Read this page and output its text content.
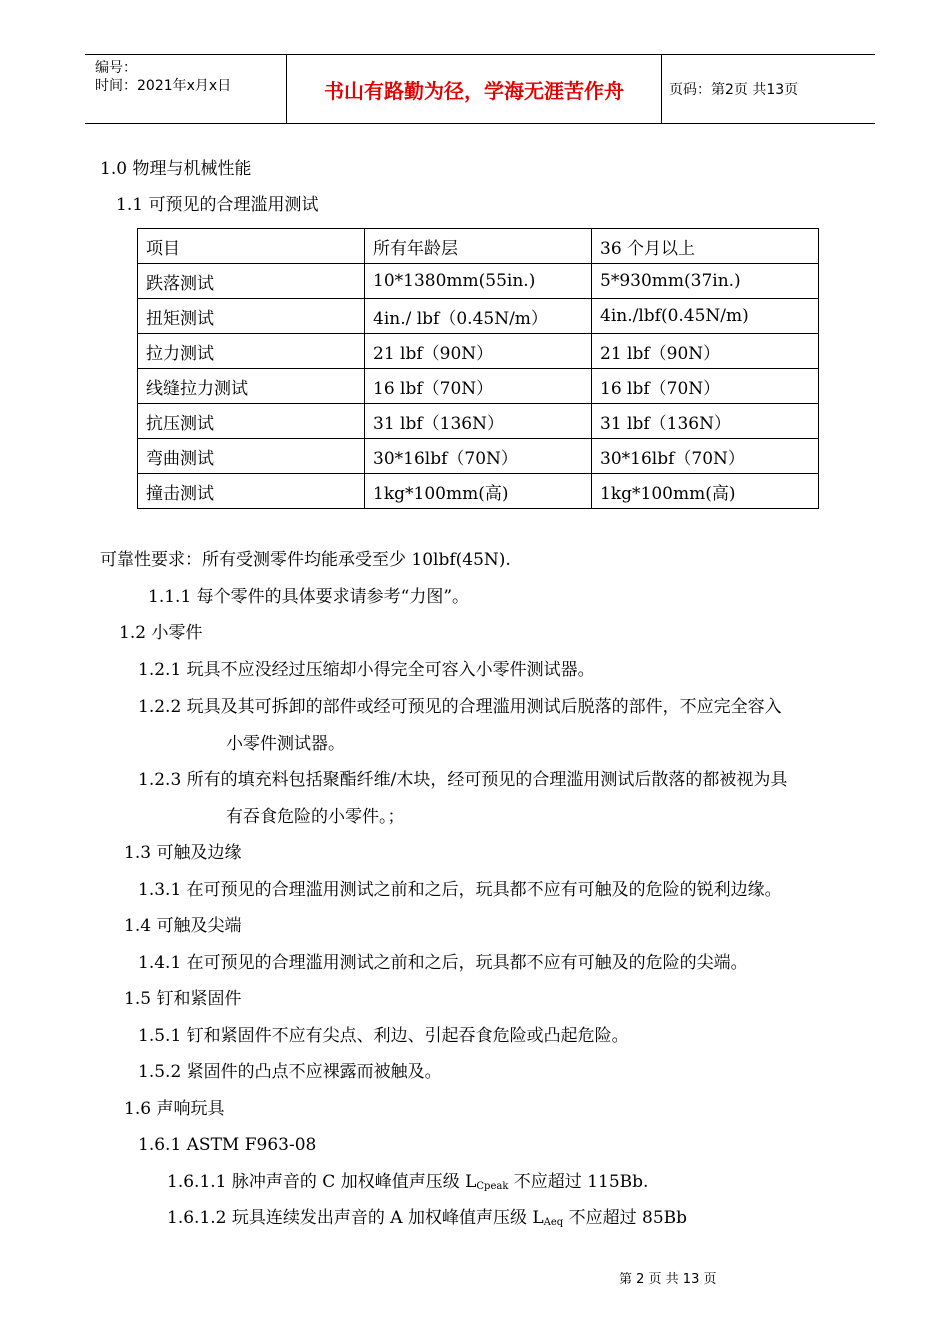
编号：
时间：2021年x月x日	书山有路勤为径，学海无涯苦作舟	页码：第2页 共13页
1.0 物理与机械性能
1.1 可预见的合理滥用测试
项目	所有年龄层	36 个月以上
跌落测试	10*1380mm(55in.)	5*930mm(37in.)
扭矩测试	4in./ lbf（0.45N/m）	4in./lbf(0.45N/m)
拉力测试	21 lbf（90N）	21 lbf（90N）
线缝拉力测试	16 lbf（70N）	16 lbf（70N）
抗压测试	31 lbf（136N）	31 lbf（136N）
弯曲测试	30*16lbf（70N）	30*16lbf（70N）
撞击测试	1kg*100mm(高)	1kg*100mm(高)
可靠性要求：所有受测零件均能承受至少 10lbf(45N).
1.1.1 每个零件的具体要求请参考“力图”。
1.2 小零件
1.2.1 玩具不应没经过压缩却小得完全可容入小零件测试器。
1.2.2 玩具及其可拆卸的部件或经可预见的合理滥用测试后脱落的部件，不应完全容入
小零件测试器。
1.2.3 所有的填充料包括聚酯纤维/木块，经可预见的合理滥用测试后散落的都被视为具
有吞食危险的小零件。；
1.3 可触及边缘
1.3.1 在可预见的合理滥用测试之前和之后，玩具都不应有可触及的危险的锐利边缘。
1.4 可触及尖端
1.4.1 在可预见的合理滥用测试之前和之后，玩具都不应有可触及的危险的尖端。
1.5 钉和紧固件
1.5.1 钉和紧固件不应有尖点、利边、引起吞食危险或凸起危险。
1.5.2 紧固件的凸点不应裸露而被触及。
1.6 声响玩具
1.6.1 ASTM F963-08
1.6.1.1 脉冲声音的 C 加权峰值声压级 $L_{Cpeak}$ 不应超过 115Bb.
1.6.1.2 玩具连续发出声音的 A 加权峰值声压级 $L_{Aeq}$ 不应超过 85Bb
第 2 页 共 13 页
